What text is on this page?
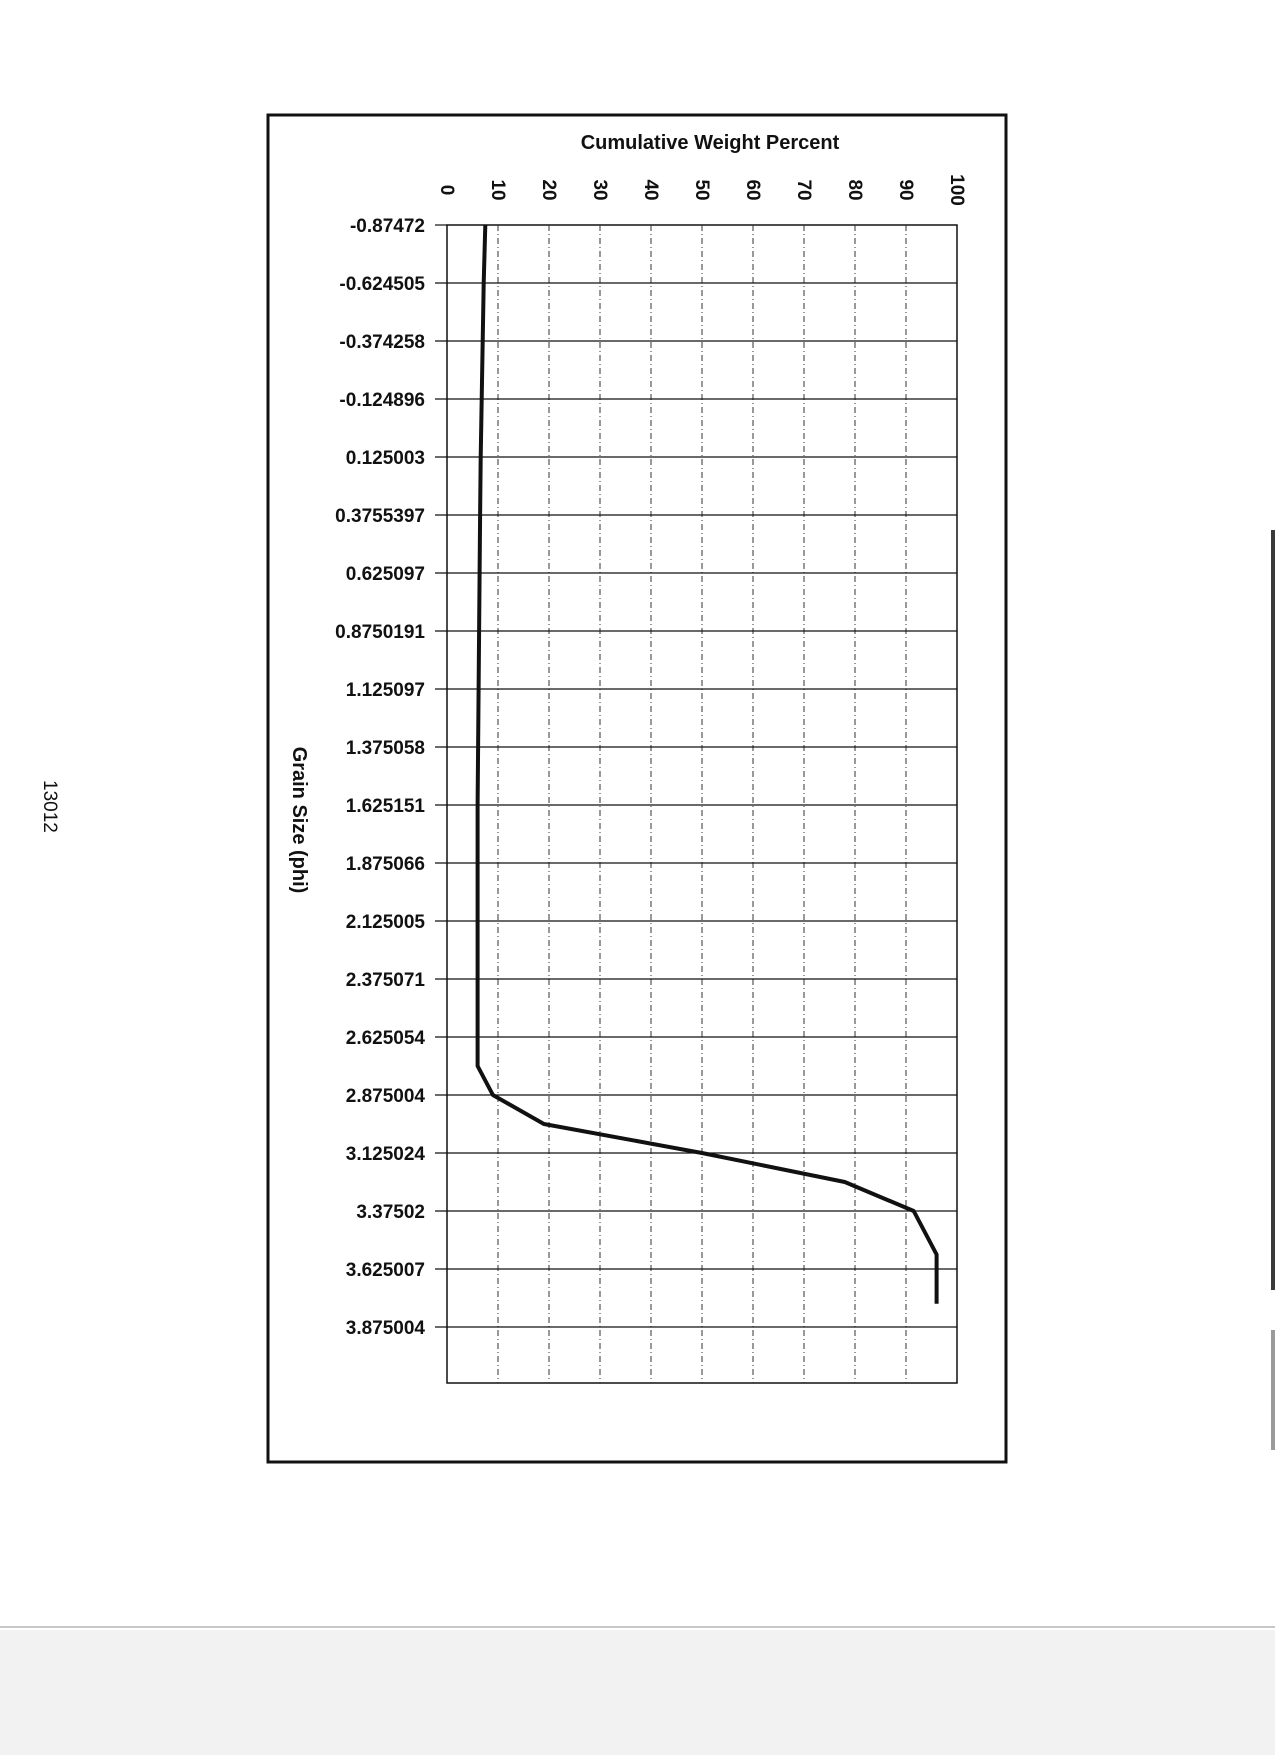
13012
0 10 20 30 40 50 60 70 80 90 100
-0.87472
-0.624505
-0.374258
-0.124896
0.125003
0.3755397
0.625097
0.8750191
1.125097
1.375058
1.625151
1.875066
2.125005
2.375071
2.625054
2.875004
3.125024
3.37502
3.625007
3.875004
Cumulative Weight Percent
Grain Size (phi)
